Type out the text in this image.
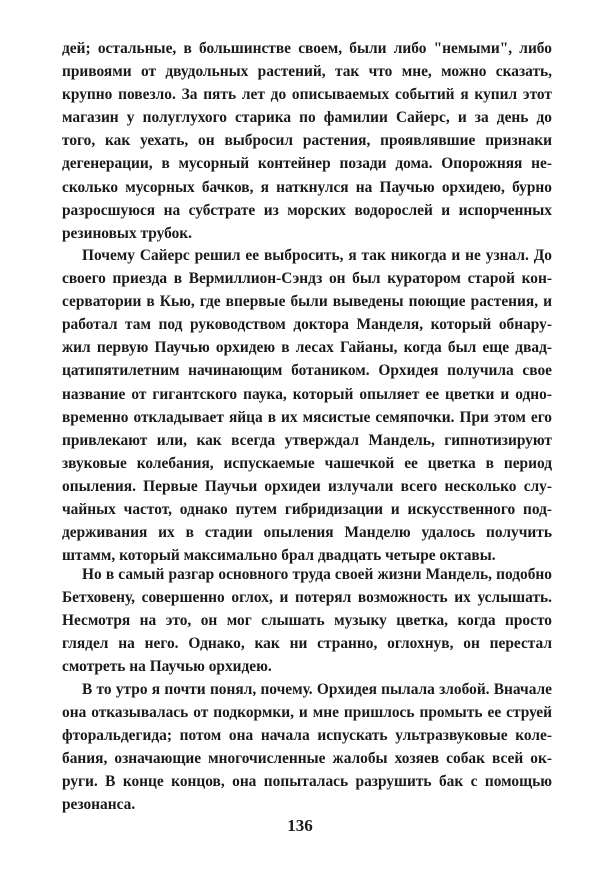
дей; остальные, в большинстве своем, были либо "немыми", либо
привоями от двудольных растений, так что мне, можно сказать,
крупно повезло. За пять лет до описываемых событий я купил этот
магазин у полуглухого старика по фамилии Сайерс, и за день до
того, как уехать, он выбросил растения, проявлявшие признаки
дегенерации, в мусорный контейнер позади дома. Опорожняя не-
сколько мусорных бачков, я наткнулся на Паучью орхидею, бурно
разросшуюся на субстрате из морских водорослей и испорченных
резиновых трубок.
Почему Сайерс решил ее выбросить, я так никогда и не узнал. До
своего приезда в Вермиллион-Сэндз он был куратором старой кон-
серватории в Кью, где впервые были выведены поющие растения, и
работал там под руководством доктора Манделя, который обнару-
жил первую Паучью орхидею в лесах Гайаны, когда был еще двад-
цатипятилетним начинающим ботаником. Орхидея получила свое
название от гигантского паука, который опыляет ее цветки и одно-
временно откладывает яйца в их мясистые семяпочки. При этом его
привлекают или, как всегда утверждал Мандель, гипнотизируют
звуковые колебания, испускаемые чашечкой ее цветка в период
опыления. Первые Паучьи орхидеи излучали всего несколько слу-
чайных частот, однако путем гибридизации и искусственного под-
держивания их в стадии опыления Манделю удалось получить
штамм, который максимально брал двадцать четыре октавы.
Но в самый разгар основного труда своей жизни Мандель, подобно
Бетховену, совершенно оглох, и потерял возможность их услышать.
Несмотря на это, он мог слышать музыку цветка, когда просто
глядел на него. Однако, как ни странно, оглохнув, он перестал
смотреть на Паучью орхидею.
В то утро я почти понял, почему. Орхидея пылала злобой. Вначале
она отказывалась от подкормки, и мне пришлось промыть ее струей
фторальдегида; потом она начала испускать ультразвуковые коле-
бания, означающие многочисленные жалобы хозяев собак всей ок-
руги. В конце концов, она попыталась разрушить бак с помощью
резонанса.
136
